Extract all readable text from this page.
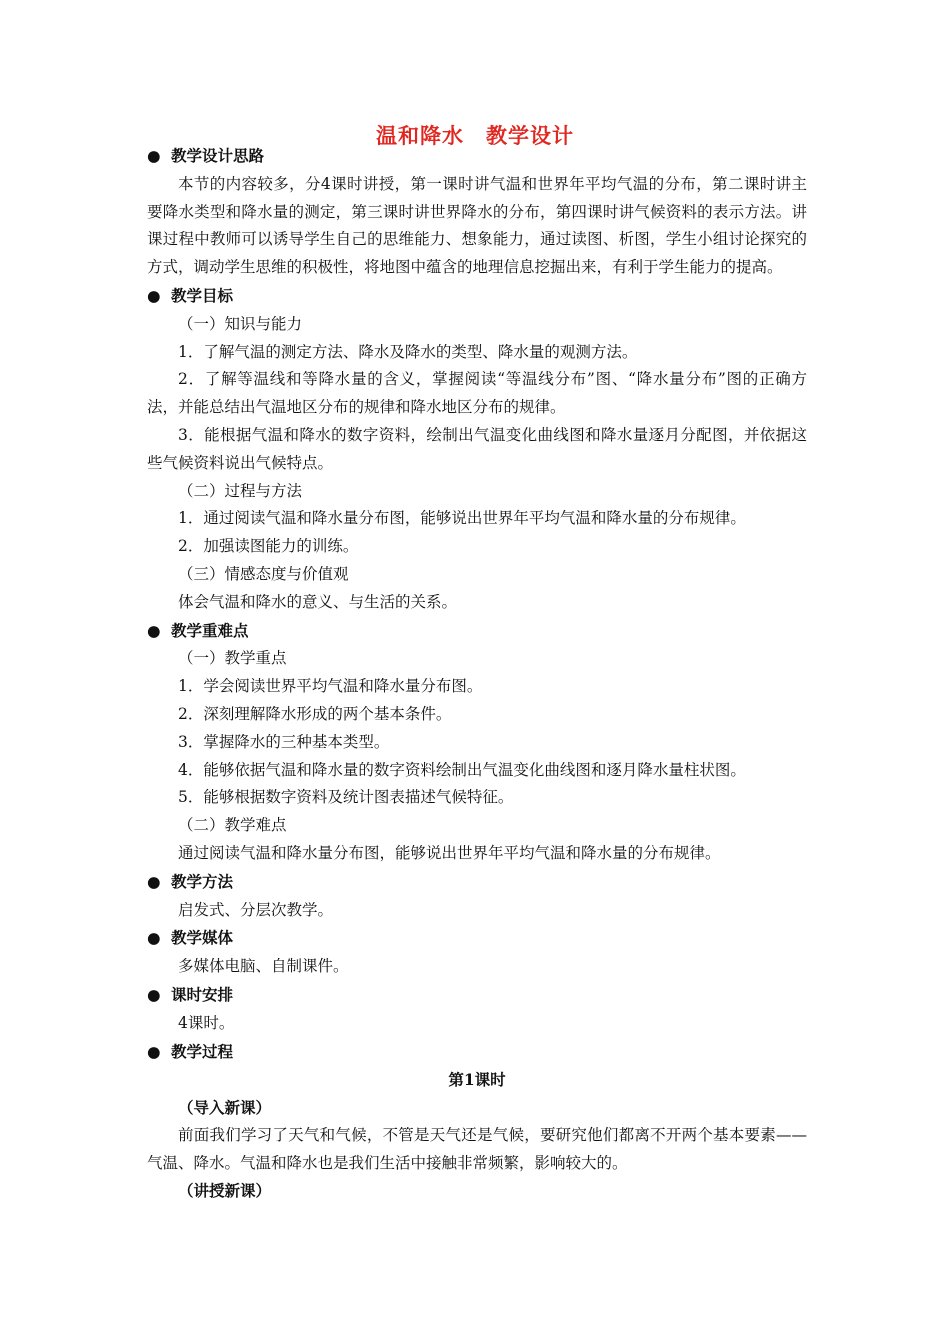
温和降水　教学设计
● 教学设计思路
本节的内容较多，分4课时讲授，第一课时讲气温和世界年平均气温的分布，第二课时讲主要降水类型和降水量的测定，第三课时讲世界降水的分布，第四课时讲气候资料的表示方法。讲课过程中教师可以诱导学生自己的思维能力、想象能力，通过读图、析图，学生小组讨论探究的方式，调动学生思维的积极性，将地图中蕴含的地理信息挖掘出来，有利于学生能力的提高。
● 教学目标
（一）知识与能力
1．了解气温的测定方法、降水及降水的类型、降水量的观测方法。
2．了解等温线和等降水量的含义，掌握阅读“等温线分布”图、“降水量分布”图的正确方法，并能总结出气温地区分布的规律和降水地区分布的规律。
3．能根据气温和降水的数字资料，绘制出气温变化曲线图和降水量逐月分配图，并依据这些气候资料说出气候特点。
（二）过程与方法
1．通过阅读气温和降水量分布图，能够说出世界年平均气温和降水量的分布规律。
2．加强读图能力的训练。
（三）情感态度与价值观
体会气温和降水的意义、与生活的关系。
● 教学重难点
（一）教学重点
1．学会阅读世界平均气温和降水量分布图。
2．深刻理解降水形成的两个基本条件。
3．掌握降水的三种基本类型。
4．能够依据气温和降水量的数字资料绘制出气温变化曲线图和逐月降水量柱状图。
5．能够根据数字资料及统计图表描述气候特征。
（二）教学难点
通过阅读气温和降水量分布图，能够说出世界年平均气温和降水量的分布规律。
● 教学方法
启发式、分层次教学。
● 教学媒体
多媒体电脑、自制课件。
● 课时安排
4课时。
● 教学过程
第1课时
（导入新课）
前面我们学习了天气和气候，不管是天气还是气候，要研究他们都离不开两个基本要素——气温、降水。气温和降水也是我们生活中接触非常频繁，影响较大的。
（讲授新课）
